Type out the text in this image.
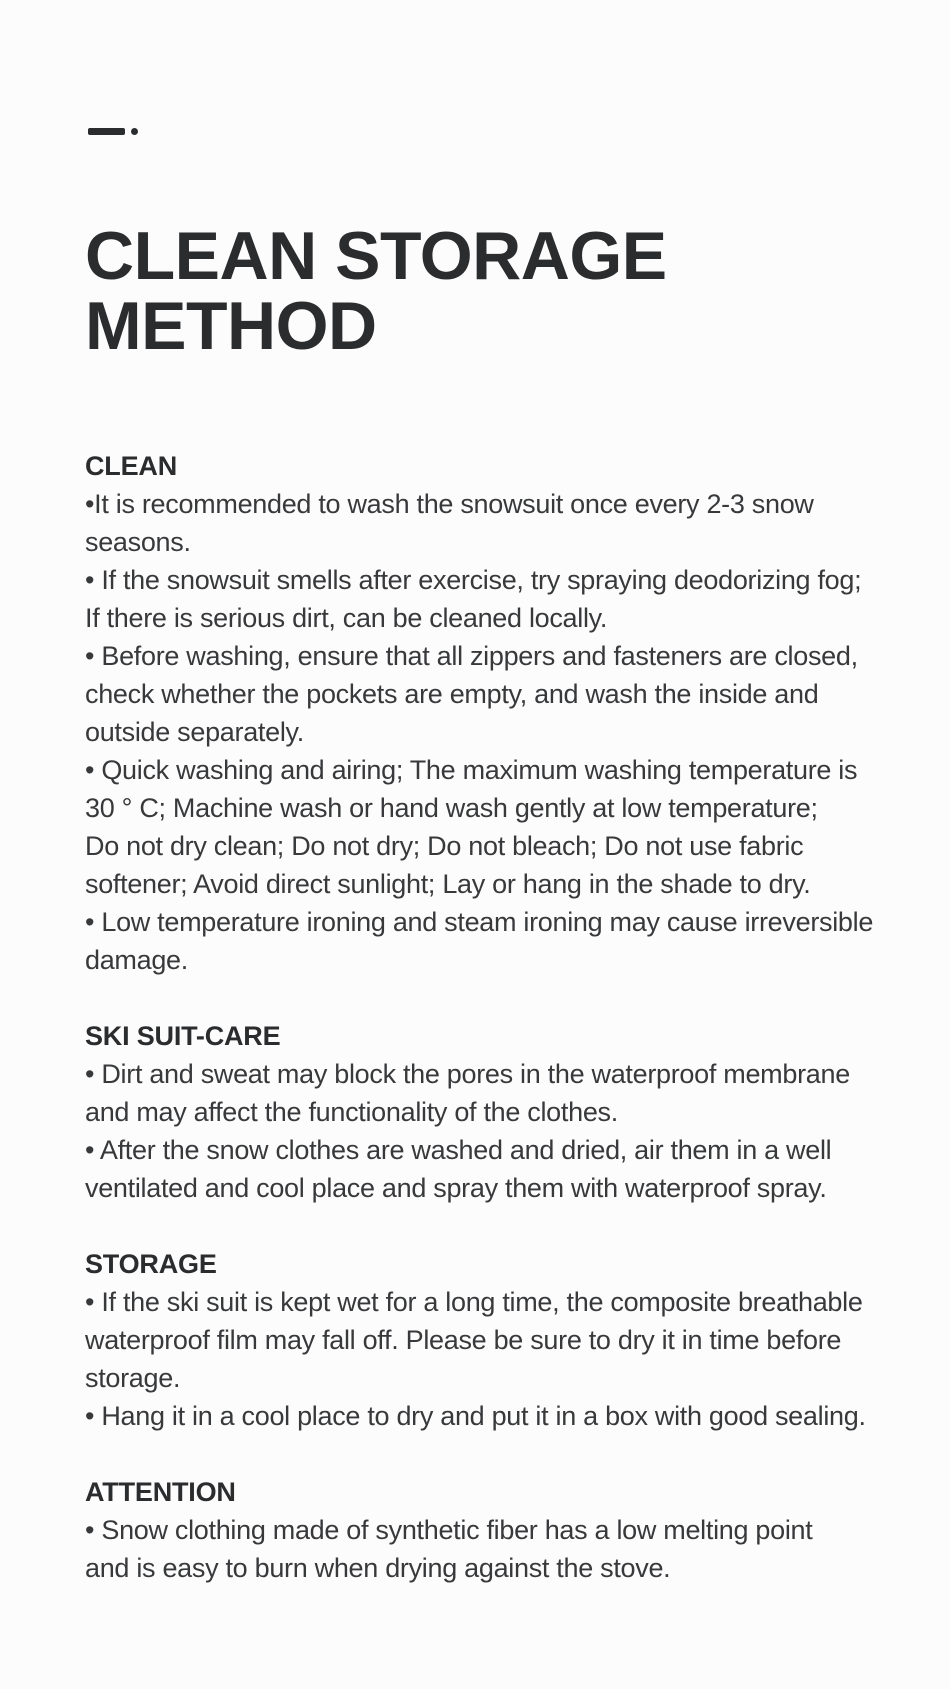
CLEAN STORAGE
METHOD
CLEAN
•It is recommended to wash the snowsuit once every 2-3 snow
seasons.
• If the snowsuit smells after exercise, try spraying deodorizing fog;
If there is serious dirt, can be cleaned locally.
• Before washing, ensure that all zippers and fasteners are closed,
check whether the pockets are empty, and wash the inside and
outside separately.
• Quick washing and airing; The maximum washing temperature is
30 ° C; Machine wash or hand wash gently at low temperature;
Do not dry clean; Do not dry; Do not bleach; Do not use fabric
softener; Avoid direct sunlight; Lay or hang in the shade to dry.
• Low temperature ironing and steam ironing may cause irreversible
damage.
SKI SUIT-CARE
• Dirt and sweat may block the pores in the waterproof membrane
and may affect the functionality of the clothes.
• After the snow clothes are washed and dried, air them in a well
ventilated and cool place and spray them with waterproof spray.
STORAGE
• If the ski suit is kept wet for a long time, the composite breathable
waterproof film may fall off. Please be sure to dry it in time before
storage.
• Hang it in a cool place to dry and put it in a box with good sealing.
ATTENTION
• Snow clothing made of synthetic fiber has a low melting point
and is easy to burn when drying against the stove.
